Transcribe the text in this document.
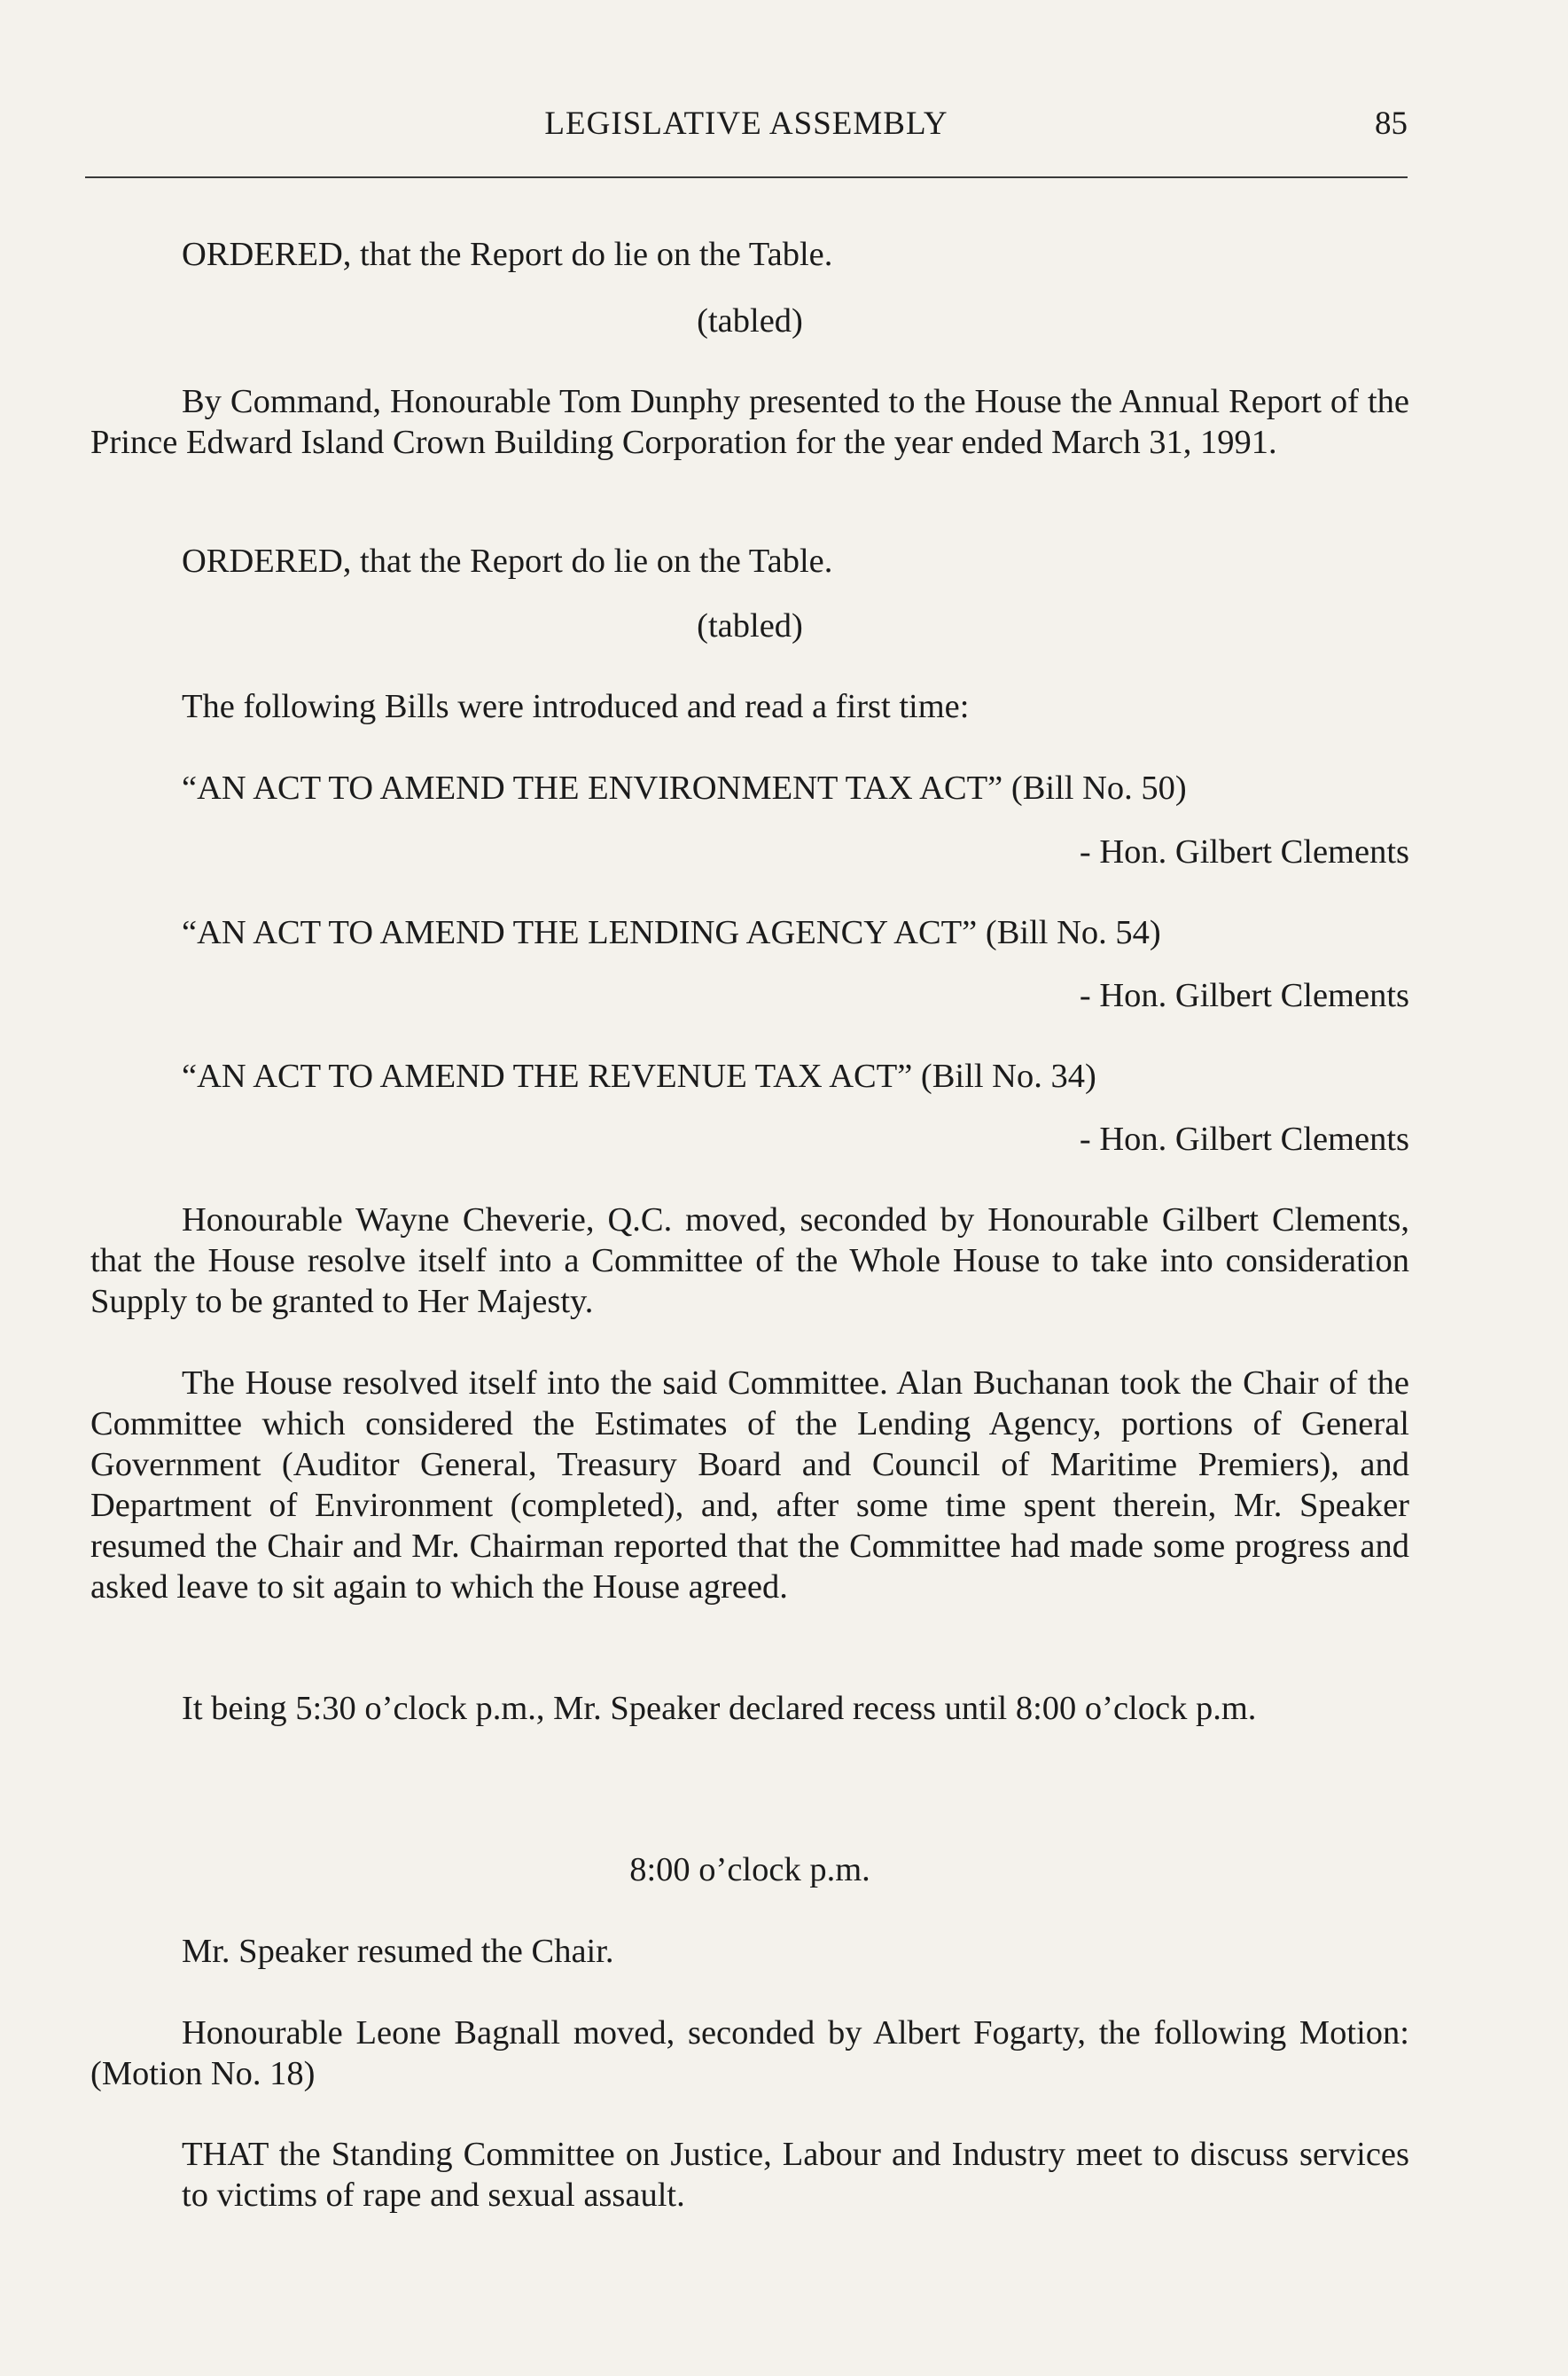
LEGISLATIVE ASSEMBLY	85

ORDERED, that the Report do lie on the Table.

(tabled)

By Command, Honourable Tom Dunphy presented to the House the Annual Report of the Prince Edward Island Crown Building Corporation for the year ended March 31, 1991.

ORDERED, that the Report do lie on the Table.

(tabled)

The following Bills were introduced and read a first time:

“AN ACT TO AMEND THE ENVIRONMENT TAX ACT” (Bill No. 50)

- Hon. Gilbert Clements

“AN ACT TO AMEND THE LENDING AGENCY ACT” (Bill No. 54)

- Hon. Gilbert Clements

“AN ACT TO AMEND THE REVENUE TAX ACT” (Bill No. 34)

- Hon. Gilbert Clements

Honourable Wayne Cheverie, Q.C. moved, seconded by Honourable Gilbert Clements, that the House resolve itself into a Committee of the Whole House to take into consideration Supply to be granted to Her Majesty.

The House resolved itself into the said Committee. Alan Buchanan took the Chair of the Committee which considered the Estimates of the Lending Agency, portions of General Government (Auditor General, Treasury Board and Council of Maritime Premiers), and Department of Environment (completed), and, after some time spent therein, Mr. Speaker resumed the Chair and Mr. Chairman reported that the Committee had made some progress and asked leave to sit again to which the House agreed.

It being 5:30 o’clock p.m., Mr. Speaker declared recess until 8:00 o’clock p.m.

8:00 o’clock p.m.

Mr. Speaker resumed the Chair.

Honourable Leone Bagnall moved, seconded by Albert Fogarty, the following Motion: (Motion No. 18)

THAT the Standing Committee on Justice, Labour and Industry meet to discuss services to victims of rape and sexual assault.
